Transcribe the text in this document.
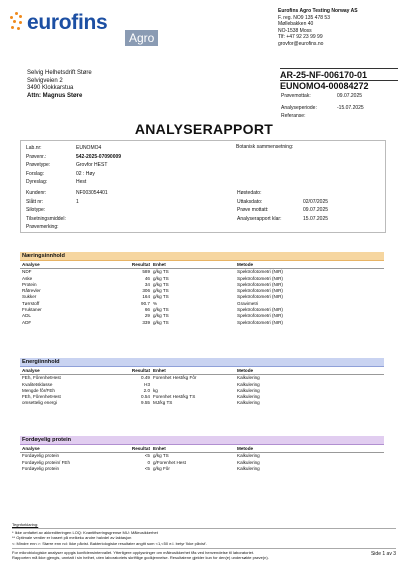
eurofins
Agro
Eurofins Agro Testing Norway AS
F. reg. NO9 135 478 53
Møllebakken 40
NO-1538 Moss
Tlf: +47 92 23 99 99
grovfor@eurofins.no
Selvig Helhetsdrift Støre
Selvigveien 2
3490 Klokkarstua
Attn: Magnus Støre
AR-25-NF-006170-01
EUNOMO4-00084272
Prøvemottak:	09.07.2025
Analyseperiode:	-15.07.2025
Referanse:	
ANALYSERAPPORT
Lab.nr:	EUNOMO4
Prøvenr.:	542-2025-07090009
Prøvetype:	Grovfor HEST
Forslag:	02 : Høy
Dyreslag:	Hest
Botanisk sammensetning:
Kundenr:	NF003054401
Slått nr:	1
Silotype:	
Tilsetningsmiddel:	
Prøvemerking:	
Høstedato:	
Uttaksdato:	02/07/2025
Prøve mottatt:	09.07.2025
Analyserapport klar:	15.07.2025
Næringsinnhold
Analyse	Resultat	Enhet	Metode
NDF	589	g/kg TS	Spektrofotometri (NIR)
Aske	46	g/kg TS	Spektrofotometri (NIR)
Protein	34	g/kg TS	Spektrofotometri (NIR)
Råtrevler	306	g/kg TS	Spektrofotometri (NIR)
Sukker	164	g/kg TS	Spektrofotometri (NIR)
Tørrstoff	90.7	%	Gravimetri
Fruktaner	66	g/kg TS	Spektrofotometri (NIR)
ADL	29	g/kg TS	Spektrofotometri (NIR)
ADF	339	g/kg TS	Spektrofotometri (NIR)
Energiinnhold
Analyse	Resultat	Enhet	Metode
FEh, FôrenhetHest	0.49	Forenhet Hest/kg Fôr	Kalkulering
Kvalitetsklasse	H3		Kalkulering
Mengde fôr/FEh	2.0	kg	Kalkulering
FEh, FôrenhetHest	0.54	Forenhet Hest/kg TS	Kalkulering
omsettelig energi	9.55	MJ/kg TS	Kalkulering
Fordøyelig protein
Analyse	Resultat	Enhet	Metode
Fordøyelig protein	<5	g/kg TS	Kalkulering
Fordøyelig protein/ FEh	0	g/Forenhet Hest	Kalkulering
Fordøyelig protein	<5	g/kg Fôr	Kalkulering
Tegnforklaring:
* Ikke omfattet av akkrediteringen LOQ: Kvantifiseringsgrense MU: Måleusikkerhet
** Optimale verdier er basert på melkeku andre halvdel av laktasjon
<: Mindre enn >: Større enn nd: Ikke påvist. Bakteriologiske resultater angitt som <1,<50 e.l. betyr 'ikke påvist'.
For mikrobiologiske analyser oppgis konfidensintervallet. Ytterligere opplysninger om måleusikkerhet fås ved henvendelse til laboratoriet.
Rapporten må ikke gjengis, unntatt i sin helhet, uten laboratoriets skriftlige godkjennelse. Resultatene gjelder kun for den(e) undersøkte prøve(n).
Side 1 av 3
